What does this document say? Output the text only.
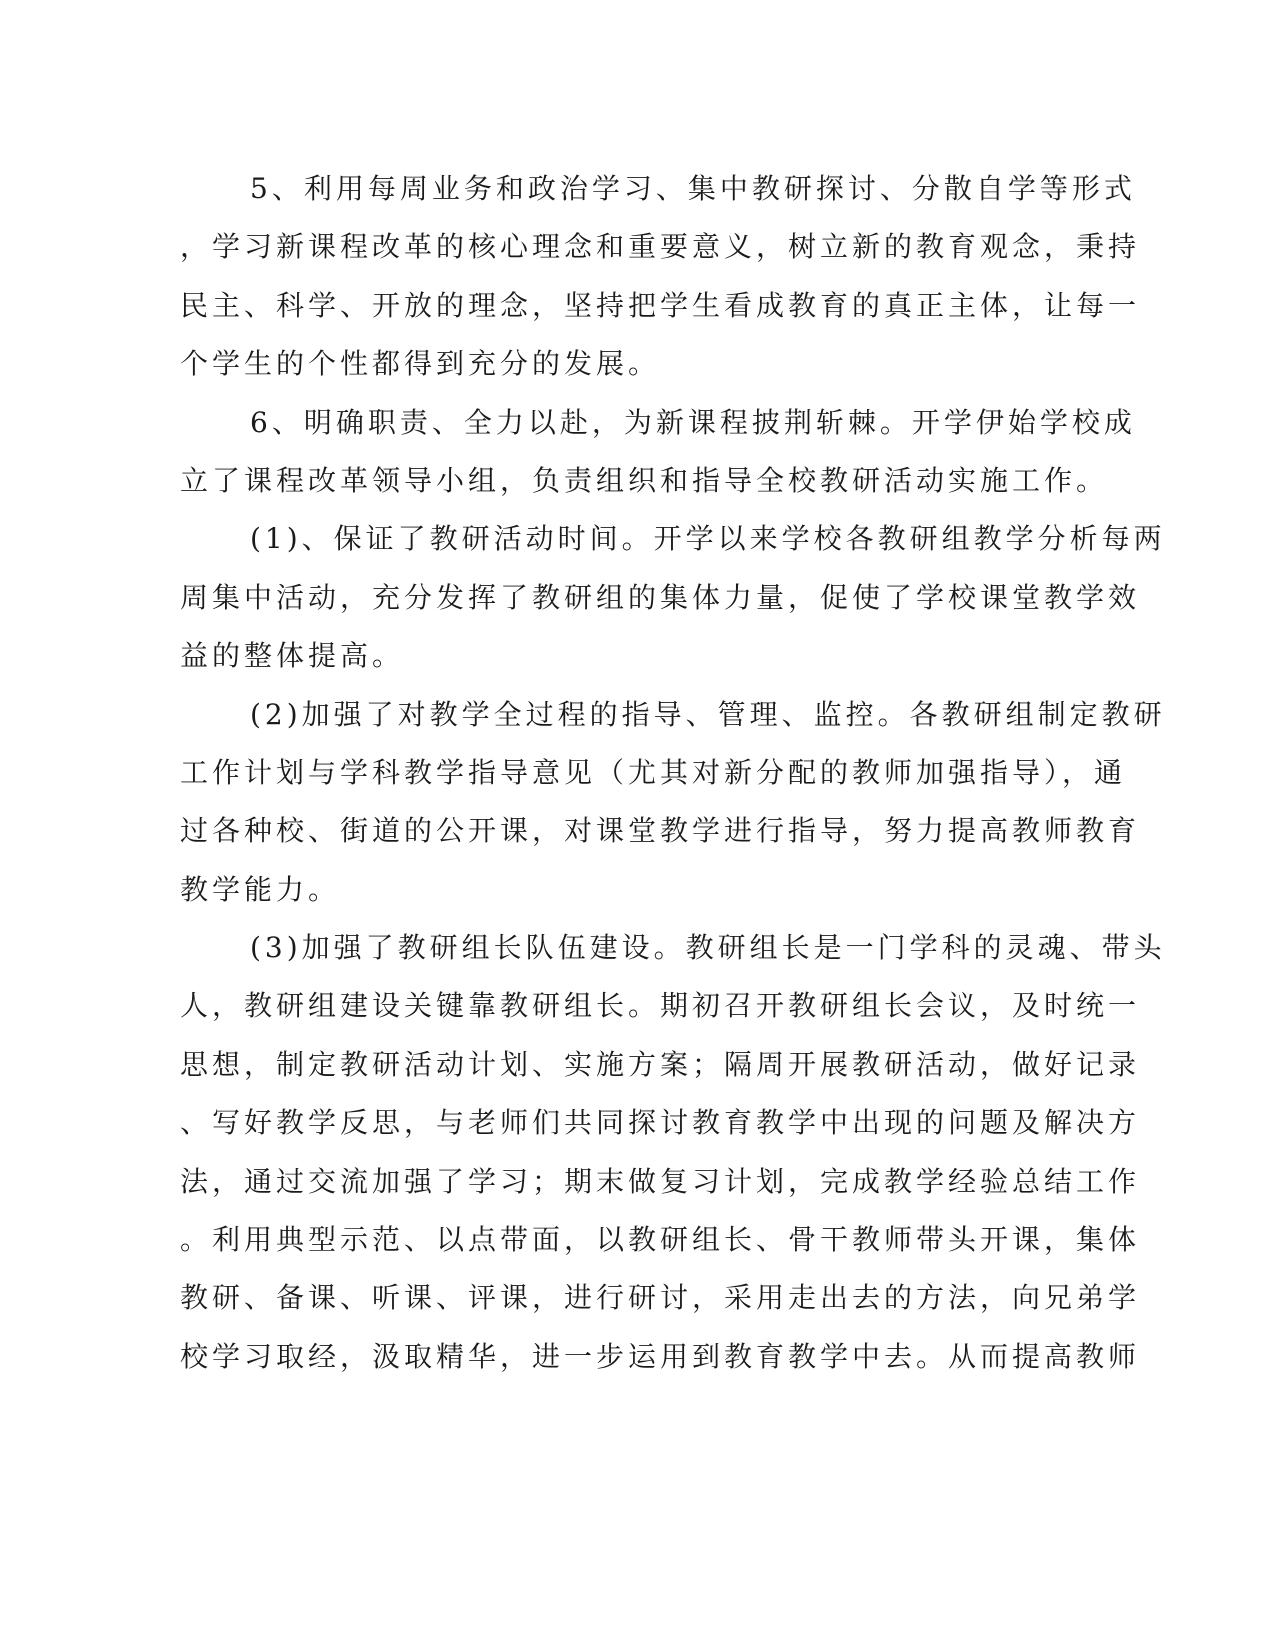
5、利用每周业务和政治学习、集中教研探讨、分散自学等形式
，学习新课程改革的核心理念和重要意义，树立新的教育观念，秉持
民主、科学、开放的理念，坚持把学生看成教育的真正主体，让每一
个学生的个性都得到充分的发展。
6、明确职责、全力以赴，为新课程披荆斩棘。开学伊始学校成
立了课程改革领导小组，负责组织和指导全校教研活动实施工作。
(1)、保证了教研活动时间。开学以来学校各教研组教学分析每两
周集中活动，充分发挥了教研组的集体力量，促使了学校课堂教学效
益的整体提高。
(2)加强了对教学全过程的指导、管理、监控。各教研组制定教研
工作计划与学科教学指导意见（尤其对新分配的教师加强指导），通
过各种校、街道的公开课，对课堂教学进行指导，努力提高教师教育
教学能力。
(3)加强了教研组长队伍建设。教研组长是一门学科的灵魂、带头
人，教研组建设关键靠教研组长。期初召开教研组长会议，及时统一
思想，制定教研活动计划、实施方案；隔周开展教研活动，做好记录
、写好教学反思，与老师们共同探讨教育教学中出现的问题及解决方
法，通过交流加强了学习；期末做复习计划，完成教学经验总结工作
。利用典型示范、以点带面，以教研组长、骨干教师带头开课，集体
教研、备课、听课、评课，进行研讨，采用走出去的方法，向兄弟学
校学习取经，汲取精华，进一步运用到教育教学中去。从而提高教师
